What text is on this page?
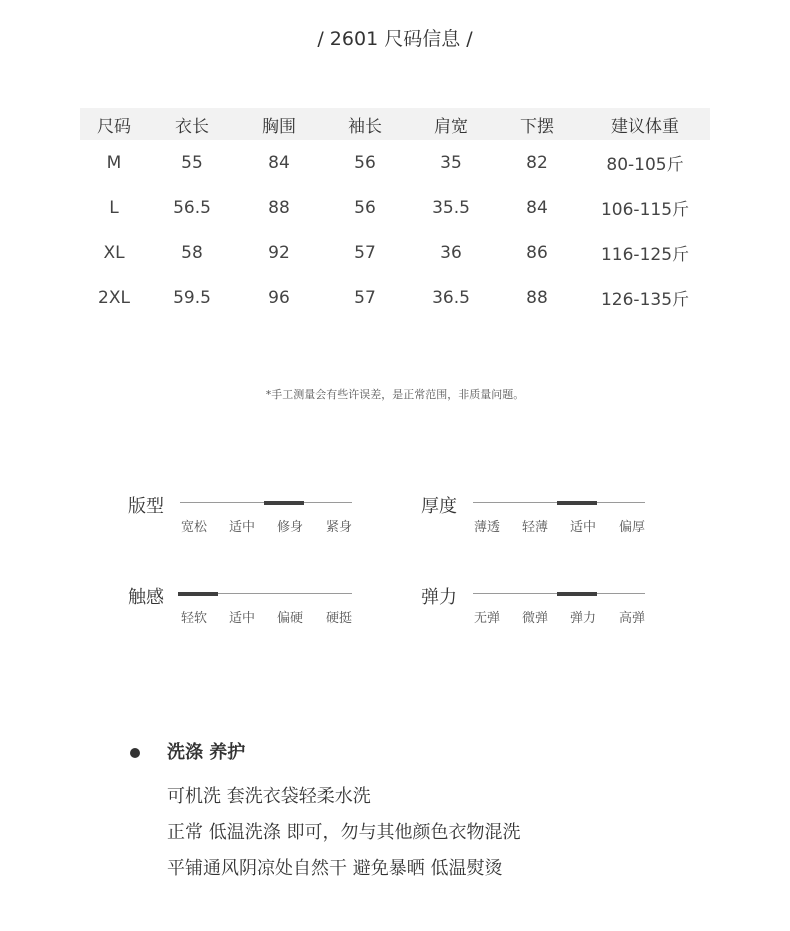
/ 2601 尺码信息 /
尺码	衣长	胸围	袖长	肩宽	下摆	建议体重
M	55	84	56	35	82	80-105斤
L	56.5	88	56	35.5	84	106-115斤
XL	58	92	57	36	86	116-125斤
2XL	59.5	96	57	36.5	88	126-135斤
*手工测量会有些许误差，是正常范围，非质量问题。
版型
宽松	适中	修身	紧身
厚度
薄透	轻薄	适中	偏厚
触感
轻软	适中	偏硬	硬挺
弹力
无弹	微弹	弹力	高弹
洗涤 养护
可机洗 套洗衣袋轻柔水洗
正常 低温洗涤 即可，勿与其他颜色衣物混洗
平铺通风阴凉处自然干 避免暴晒 低温熨烫
